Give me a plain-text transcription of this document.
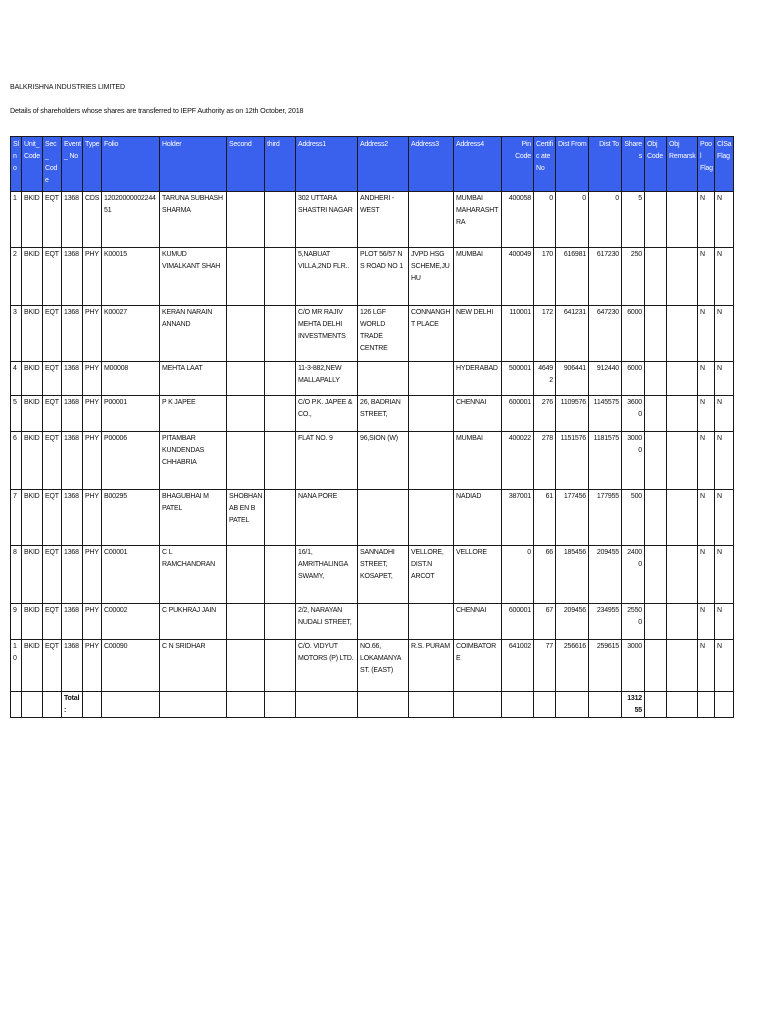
BALKRISHNA INDUSTRIES LIMITED
Details of shareholders whose shares are transferred to IEPF Authority as on 12th October, 2018
Sln o	Unit_ Code	Sec_ Code	Event_ No	Type	Folio	Holder	Second	third	Address1	Address2	Address3	Address4	Pin Code	Certific ate No	Dist From	Dist To	Shares	Obj Code	Obj Remarsk	Pool Flag	ClSa Flag
1	BKID	EQT	1368	CDS	1202000000224451	TARUNA SUBHASH SHARMA			302 UTTARA SHASTRI NAGAR	ANDHERI - WEST		MUMBAI MAHARASHTRA	400058	0	0	0	5			N	N
2	BKID	EQT	1368	PHY	K00015	KUMUD VIMALKANT SHAH			5,NABUAT VILLA,2ND FLR..	PLOT 56/57 N S ROAD NO 1	JVPD HSG SCHEME,JUHU	MUMBAI	400049	170	616981	617230	250			N	N
3	BKID	EQT	1368	PHY	K00027	KERAN NARAIN ANNAND			C/O MR RAJIV MEHTA DELHI INVESTMENTS	126 LGF WORLD TRADE CENTRE	CONNANGHT PLACE	NEW DELHI	110001	172	641231	647230	6000			N	N
4	BKID	EQT	1368	PHY	M00008	MEHTA LAAT			11-3-882,NEW MALLAPALLY			HYDERABAD	500001	46492	906441	912440	6000			N	N
5	BKID	EQT	1368	PHY	P00001	P K JAPEE			C/O P.K. JAPEE & CO.,	26, BADRIAN STREET,		CHENNAI	600001	276	1109576	1145575	36000			N	N
6	BKID	EQT	1368	PHY	P00006	PITAMBAR KUNDENDAS CHHABRIA			FLAT NO. 9	96,SION (W)		MUMBAI	400022	278	1151576	1181575	30000			N	N
7	BKID	EQT	1368	PHY	B00295	BHAGUBHAI M PATEL	SHOBHANAB EN B PATEL		NANA PORE			NADIAD	387001	61	177456	177955	500			N	N
8	BKID	EQT	1368	PHY	C00001	C L RAMCHANDRAN			16/1, AMRITHALINGA SWAMY,	SANNADHI STREET, KOSAPET,	VELLORE, DIST.N ARCOT	VELLORE	0	66	185456	209455	24000			N	N
9	BKID	EQT	1368	PHY	C00002	C PUKHRAJ JAIN			2/2, NARAYAN NUDALI STREET,			CHENNAI	600001	67	209456	234955	25500			N	N
10	BKID	EQT	1368	PHY	C00090	C N SRIDHAR			C/O. VIDYUT MOTORS (P) LTD.	NO.66, LOKAMANYA ST. (EAST)	R.S. PURAM	COIMBATORE	641002	77	256616	259615	3000			N	N
			Total:														131255				
